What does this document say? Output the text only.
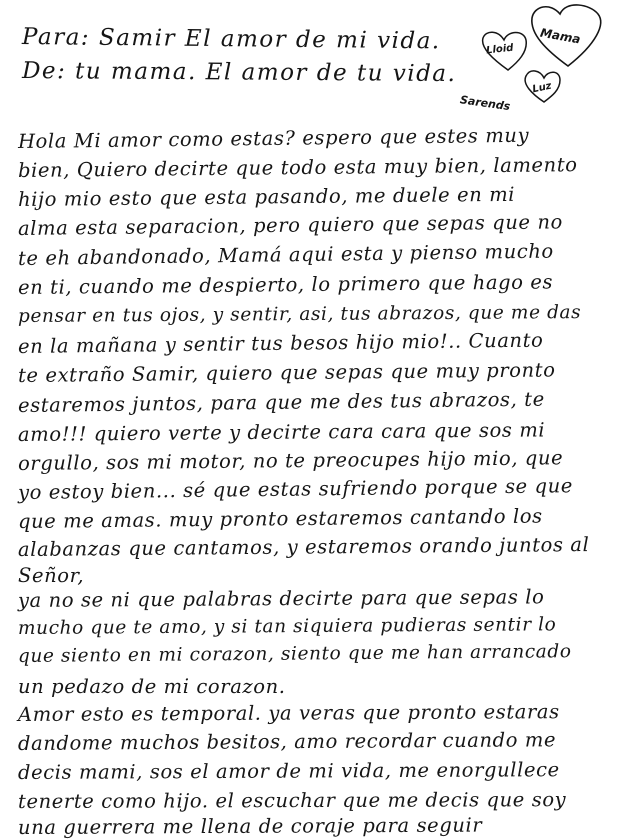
Para: Samir El amor de mi vida.
De: tu mama. El amor de tu vida.
Mama
Lloid
Luz
Sarends
Hola Mi amor como estas? espero que estes muy
bien, Quiero decirte que todo esta muy bien, lamento
hijo mio esto que esta pasando, me duele en mi
alma esta separacion, pero quiero que sepas que no
te eh abandonado, Mamá aqui esta y pienso mucho
en ti, cuando me despierto, lo primero que hago es
pensar en tus ojos, y sentir, asi, tus abrazos, que me das
en la mañana y sentir tus besos hijo mio!.. Cuanto
te extraño Samir, quiero que sepas que muy pronto
estaremos juntos, para que me des tus abrazos, te
amo!!! quiero verte y decirte cara cara que sos mi
orgullo, sos mi motor, no te preocupes hijo mio, que
yo estoy bien... sé que estas sufriendo porque se que
que me amas. muy pronto estaremos cantando los
alabanzas que cantamos, y estaremos orando juntos al
Señor,
ya no se ni que palabras decirte para que sepas lo
mucho que te amo, y si tan siquiera pudieras sentir lo
que siento en mi corazon, siento que me han arrancado
un pedazo de mi corazon.
Amor esto es temporal. ya veras que pronto estaras
dandome muchos besitos, amo recordar cuando me
decis mami, sos el amor de mi vida, me enorgullece
tenerte como hijo. el escuchar que me decis que soy
una guerrera me llena de coraje para seguir
